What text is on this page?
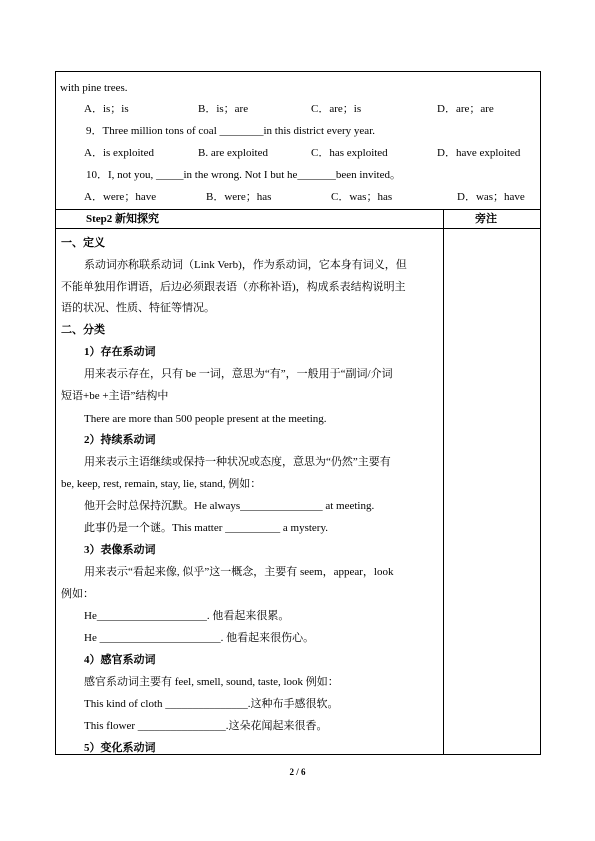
with pine trees.
A．is；is	B．is；are	C．are；is	D．are；are
9．Three million tons of coal ________in this district every year.
A．is exploited	B. are exploited	C．has exploited	D．have exploited
10．I, not you, _____in the wrong. Not I but he_______been invited。
A．were；have	B．were；has	C．was；has	D．was；have
Step2 新知探究	旁注
一、定义
系动词亦称联系动词（Link Verb)，作为系动词，它本身有词义，但
不能单独用作谓语，后边必须跟表语（亦称补语)，构成系表结构说明主
语的状况、性质、特征等情况。
二、分类
1）存在系动词
用来表示存在，只有 be 一词，意思为“有”，一般用于“副词/介词
短语+be +主语”结构中
There are more than 500 people present at the meeting.
2）持续系动词
用来表示主语继续或保持一种状况或态度，意思为“仍然”主要有
be, keep, rest, remain, stay, lie, stand, 例如：
他开会时总保持沉默。He always_______________ at meeting.
此事仍是一个谜。This matter __________ a mystery.
3）表像系动词
用来表示“看起来像, 似乎”这一概念，主要有 seem，appear，look
例如：
He____________________. 他看起来很累。
He ______________________. 他看起来很伤心。
4）感官系动词
感官系动词主要有 feel, smell, sound, taste, look 例如：
This kind of cloth _______________.这种布手感很软。
This flower ________________.这朵花闻起来很香。
5）变化系动词
2 / 6
